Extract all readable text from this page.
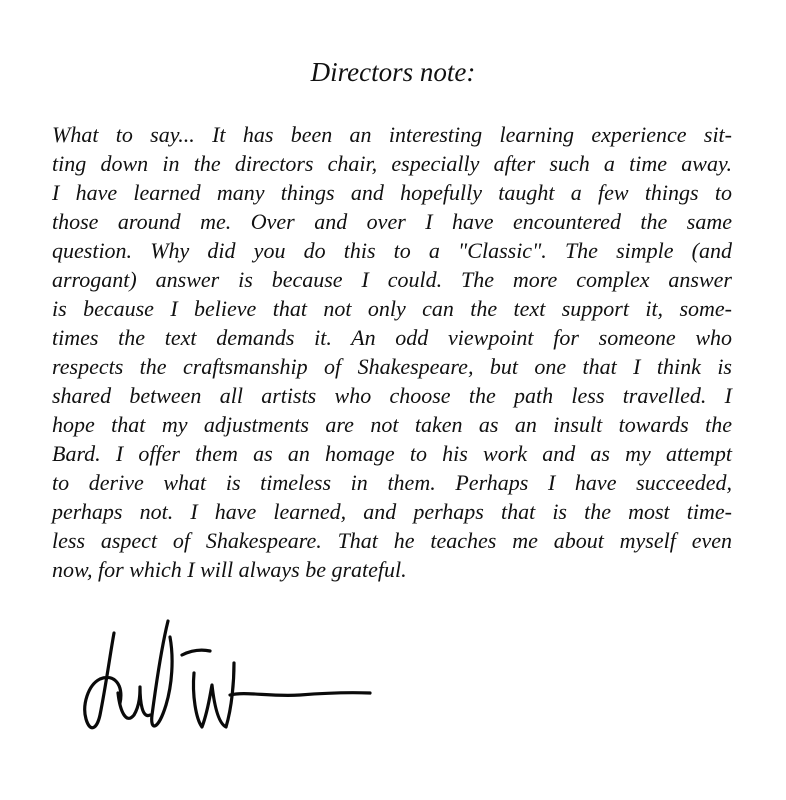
Directors note:
What to say... It has been an interesting learning experience sit-
ting down in the directors chair, especially after such a time away.
I have learned many things and hopefully taught a few things to
those around me. Over and over I have encountered the same
question. Why did you do this to a "Classic". The simple (and
arrogant) answer is because I could. The more complex answer
is because I believe that not only can the text support it, some-
times the text demands it. An odd viewpoint for someone who
respects the craftsmanship of Shakespeare, but one that I think is
shared between all artists who choose the path less travelled. I
hope that my adjustments are not taken as an insult towards the
Bard. I offer them as an homage to his work and as my attempt
to derive what is timeless in them. Perhaps I have succeeded,
perhaps not. I have learned, and perhaps that is the most time-
less aspect of Shakespeare. That he teaches me about myself even
now, for which I will always be grateful.
